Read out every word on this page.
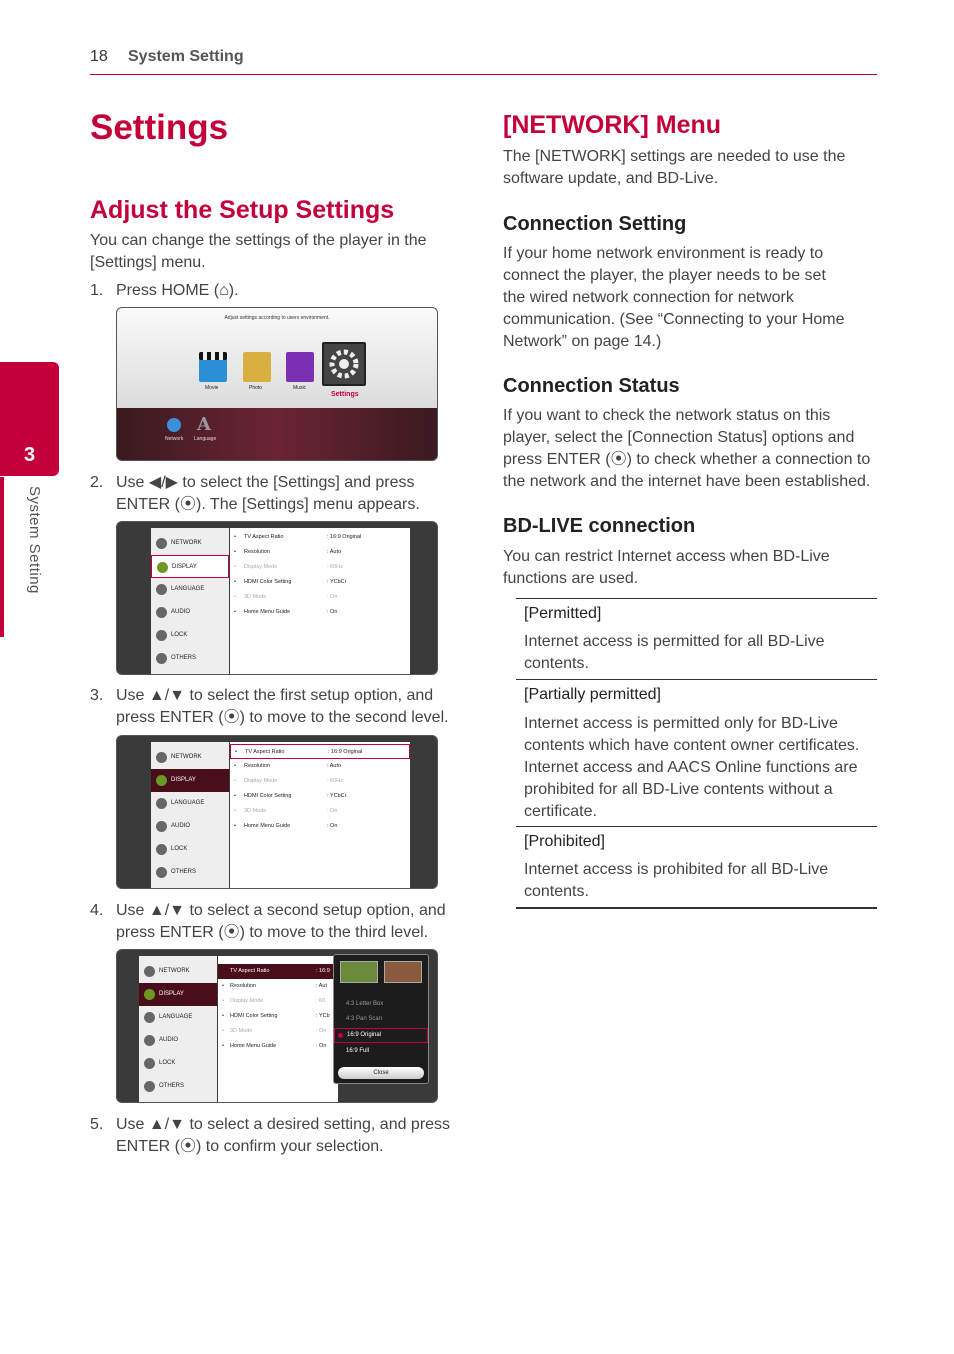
18 System Setting
3
System Setting
Settings
Adjust the Setup Settings
You can change the settings of the player in the [Settings] menu.
1. Press HOME (⌂).
Adjust settings according to users environment.
Movie	Photo	Music
Settings
Network
A
Language
2. Use ◀/▶ to select the [Settings] and press ENTER (⦿). The [Settings] menu appears.
NETWORK
DISPLAY
LANGUAGE
AUDIO
LOCK
OTHERS
• TV Aspect Ratio	: 16:9 Original
• Resolution	: Auto
• Display Mode	: 60Hz
• HDMI Color Setting	: YCbCr
• 3D Mode	: On
• Home Menu Guide	: On
3. Use ▲/▼ to select the first setup option, and press ENTER (⦿) to move to the second level.
NETWORK
DISPLAY
LANGUAGE
AUDIO
LOCK
OTHERS
• TV Aspect Ratio	: 16:9 Original
• Resolution	: Auto
• Display Mode	: 60Hz
• HDMI Color Setting	: YCbCr
• 3D Mode	: On
• Home Menu Guide	: On
4. Use ▲/▼ to select a second setup option, and press ENTER (⦿) to move to the third level.
NETWORK
DISPLAY
LANGUAGE
AUDIO
LOCK
OTHERS
TV Aspect Ratio	: 16:9
• Resolution	: Aut
• Display Mode	: 60
• HDMI Color Setting	: YCb
• 3D Mode	: On
• Home Menu Guide	: On
4:3 Letter Box
4:3 Pan Scan
16:9 Original
16:9 Full
Close
5. Use ▲/▼ to select a desired setting, and press ENTER (⦿) to confirm your selection.
[NETWORK] Menu
The [NETWORK] settings are needed to use the software update, and BD-Live.
Connection Setting
If your home network environment is ready to connect the player, the player needs to be set the wired network connection for network communication. (See “Connecting to your Home Network” on page 14.)
Connection Status
If you want to check the network status on this player, select the [Connection Status] options and press ENTER (⦿) to check whether a connection to the network and the internet have been established.
BD-LIVE connection
You can restrict Internet access when BD-Live functions are used.
[Permitted]
Internet access is permitted for all BD-Live contents.
[Partially permitted]
Internet access is permitted only for BD-Live contents which have content owner certificates. Internet access and AACS Online functions are prohibited for all BD-Live contents without a certificate.
[Prohibited]
Internet access is prohibited for all BD-Live contents.
